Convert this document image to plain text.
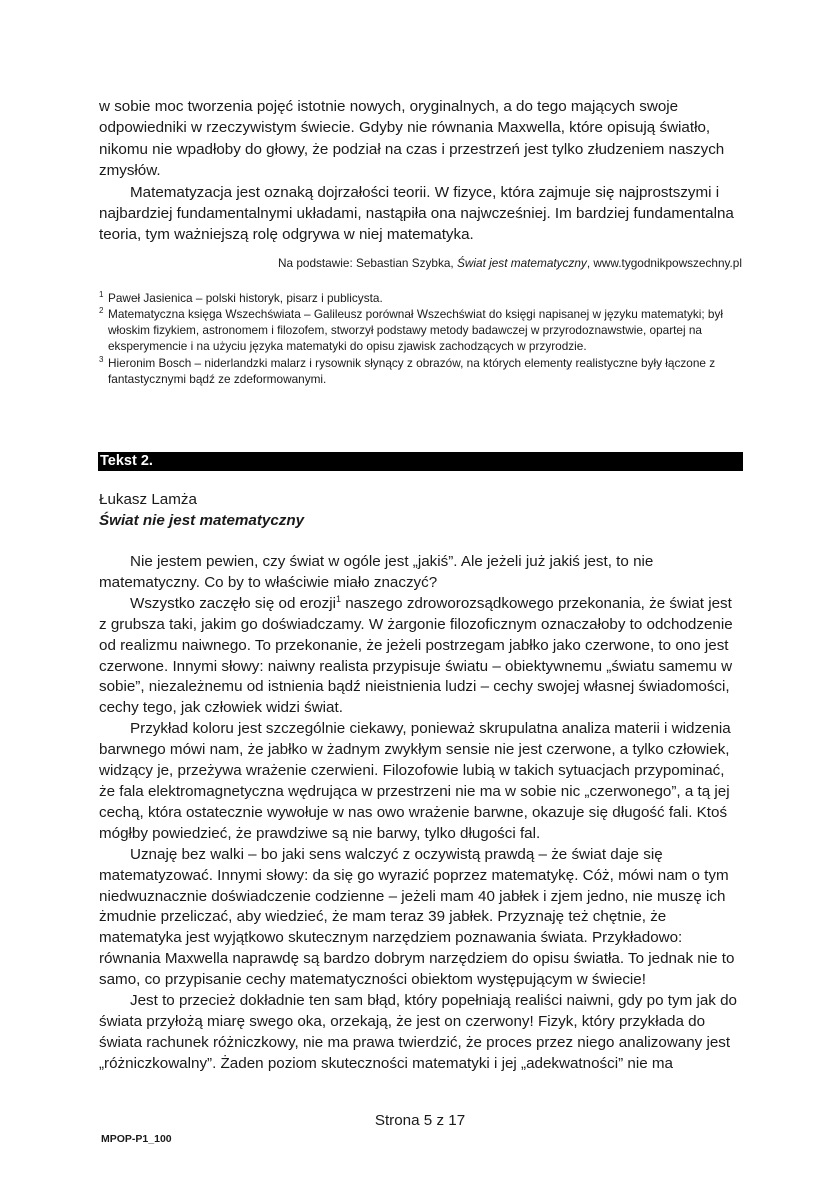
w sobie moc tworzenia pojęć istotnie nowych, oryginalnych, a do tego mających swoje odpowiedniki w rzeczywistym świecie. Gdyby nie równania Maxwella, które opisują światło, nikomu nie wpadłoby do głowy, że podział na czas i przestrzeń jest tylko złudzeniem naszych zmysłów.

Matematyzacja jest oznaką dojrzałości teorii. W fizyce, która zajmuje się najprostszymi i najbardziej fundamentalnymi układami, nastąpiła ona najwcześniej. Im bardziej fundamentalna teoria, tym ważniejszą rolę odgrywa w niej matematyka.

Na podstawie: Sebastian Szybka, Świat jest matematyczny, www.tygodnikpowszechny.pl

1 Paweł Jasienica – polski historyk, pisarz i publicysta.

2 Matematyczna księga Wszechświata – Galileusz porównał Wszechświat do księgi napisanej w języku matematyki; był włoskim fizykiem, astronomem i filozofem, stworzył podstawy metody badawczej w przyrodoznawstwie, opartej na eksperymencie i na użyciu języka matematyki do opisu zjawisk zachodzących w przyrodzie.

3 Hieronim Bosch – niderlandzki malarz i rysownik słynący z obrazów, na których elementy realistyczne były łączone z fantastycznymi bądź ze zdeformowanymi.

Tekst 2.

Łukasz Lamża

Świat nie jest matematyczny

Nie jestem pewien, czy świat w ogóle jest „jakiś”. Ale jeżeli już jakiś jest, to nie matematyczny. Co by to właściwie miało znaczyć?

Wszystko zaczęło się od erozji$^1$ naszego zdroworozsądkowego przekonania, że świat jest z grubsza taki, jakim go doświadczamy. W żargonie filozoficznym oznaczałoby to odchodzenie od realizmu naiwnego. To przekonanie, że jeżeli postrzegam jabłko jako czerwone, to ono jest czerwone. Innymi słowy: naiwny realista przypisuje światu – obiektywnemu „światu samemu w sobie”, niezależnemu od istnienia bądź nieistnienia ludzi – cechy swojej własnej świadomości, cechy tego, jak człowiek widzi świat.

Przykład koloru jest szczególnie ciekawy, ponieważ skrupulatna analiza materii i widzenia barwnego mówi nam, że jabłko w żadnym zwykłym sensie nie jest czerwone, a tylko człowiek, widzący je, przeżywa wrażenie czerwieni. Filozofowie lubią w takich sytuacjach przypominać, że fala elektromagnetyczna wędrująca w przestrzeni nie ma w sobie nic „czerwonego”, a tą jej cechą, która ostatecznie wywołuje w nas owo wrażenie barwne, okazuje się długość fali. Ktoś mógłby powiedzieć, że prawdziwe są nie barwy, tylko długości fal.

Uznaję bez walki – bo jaki sens walczyć z oczywistą prawdą – że świat daje się matematyzować. Innymi słowy: da się go wyrazić poprzez matematykę. Cóż, mówi nam o tym niedwuznacznie doświadczenie codzienne – jeżeli mam 40 jabłek i zjem jedno, nie muszę ich żmudnie przeliczać, aby wiedzieć, że mam teraz 39 jabłek. Przyznaję też chętnie, że matematyka jest wyjątkowo skutecznym narzędziem poznawania świata. Przykładowo: równania Maxwella naprawdę są bardzo dobrym narzędziem do opisu światła. To jednak nie to samo, co przypisanie cechy matematyczności obiektom występującym w świecie!

Jest to przecież dokładnie ten sam błąd, który popełniają realiści naiwni, gdy po tym jak do świata przyłożą miarę swego oka, orzekają, że jest on czerwony! Fizyk, który przykłada do świata rachunek różniczkowy, nie ma prawa twierdzić, że proces przez niego analizowany jest „różniczkowalny”. Żaden poziom skuteczności matematyki i jej „adekwatności” nie ma

Strona 5 z 17
MPOP-P1_100
